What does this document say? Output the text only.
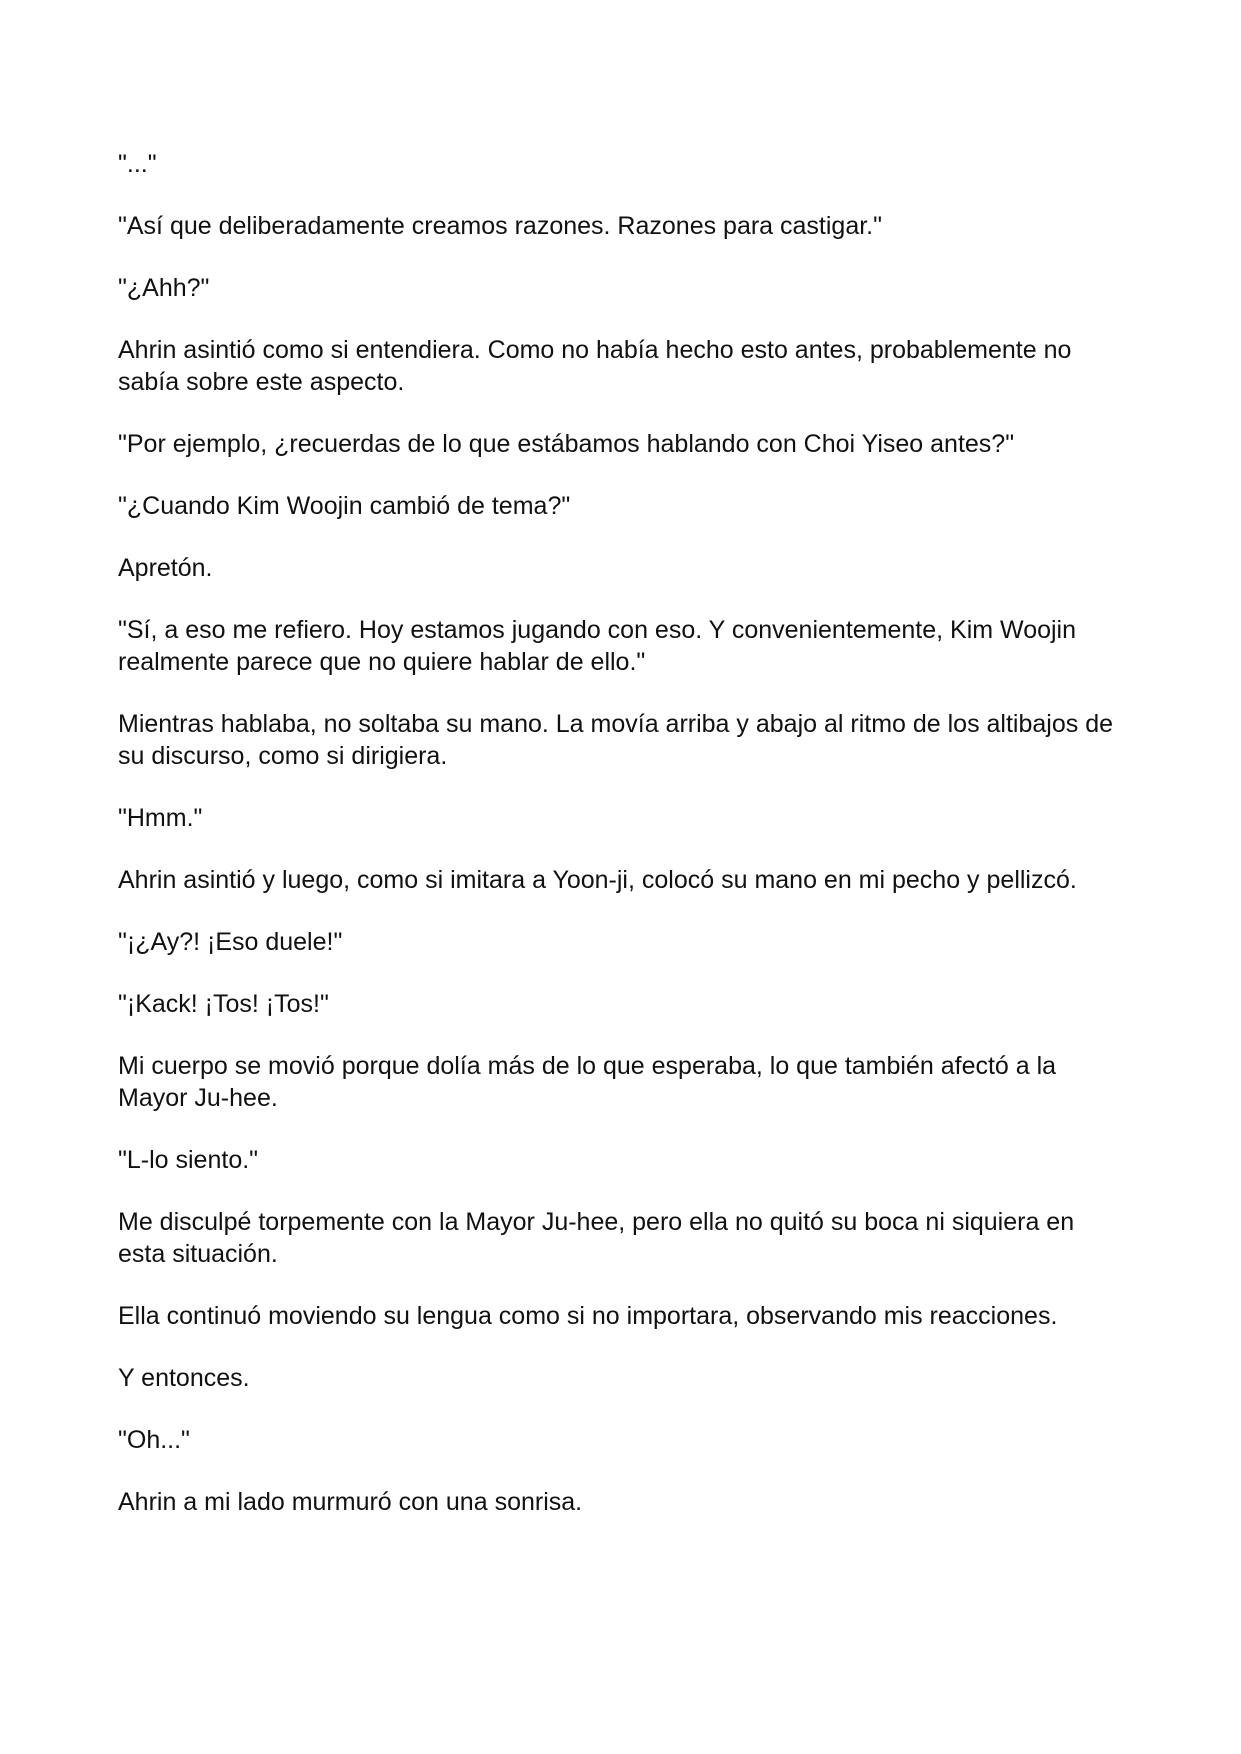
"..."

"Así que deliberadamente creamos razones. Razones para castigar."

"¿Ahh?"

Ahrin asintió como si entendiera. Como no había hecho esto antes, probablemente no sabía sobre este aspecto.

"Por ejemplo, ¿recuerdas de lo que estábamos hablando con Choi Yiseo antes?"

"¿Cuando Kim Woojin cambió de tema?"

Apretón.

"Sí, a eso me refiero. Hoy estamos jugando con eso. Y convenientemente, Kim Woojin realmente parece que no quiere hablar de ello."

Mientras hablaba, no soltaba su mano. La movía arriba y abajo al ritmo de los altibajos de su discurso, como si dirigiera.

"Hmm."

Ahrin asintió y luego, como si imitara a Yoon-ji, colocó su mano en mi pecho y pellizcó.

"¡¿Ay?! ¡Eso duele!"

"¡Kack! ¡Tos! ¡Tos!"

Mi cuerpo se movió porque dolía más de lo que esperaba, lo que también afectó a la Mayor Ju-hee.

"L-lo siento."

Me disculpé torpemente con la Mayor Ju-hee, pero ella no quitó su boca ni siquiera en esta situación.

Ella continuó moviendo su lengua como si no importara, observando mis reacciones.

Y entonces.

"Oh..."

Ahrin a mi lado murmuró con una sonrisa.
